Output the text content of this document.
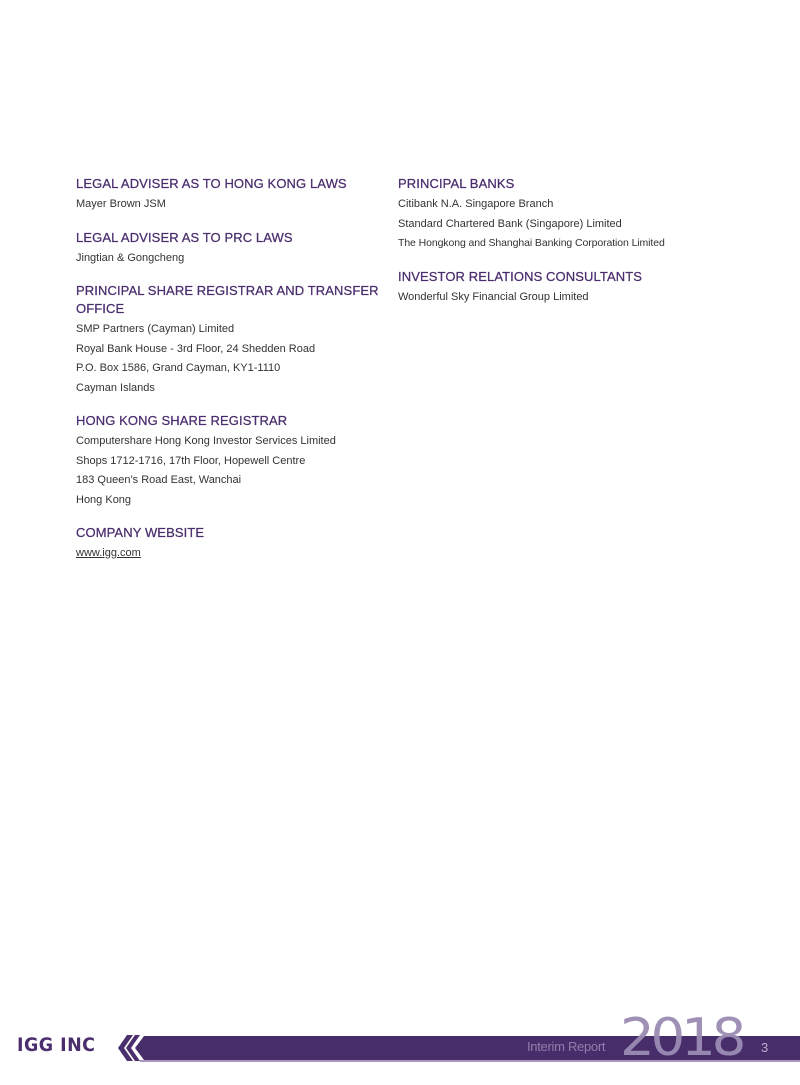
LEGAL ADVISER AS TO HONG KONG LAWS

Mayer Brown JSM

LEGAL ADVISER AS TO PRC LAWS

Jingtian & Gongcheng

PRINCIPAL SHARE REGISTRAR AND TRANSFER
OFFICE

SMP Partners (Cayman) Limited

Royal Bank House - 3rd Floor, 24 Shedden Road

P.O. Box 1586, Grand Cayman, KY1-1110

Cayman Islands

HONG KONG SHARE REGISTRAR

Computershare Hong Kong Investor Services Limited

Shops 1712-1716, 17th Floor, Hopewell Centre

183 Queen’s Road East, Wanchai

Hong Kong

COMPANY WEBSITE

www.igg.com

PRINCIPAL BANKS

Citibank N.A. Singapore Branch

Standard Chartered Bank (Singapore) Limited

The Hongkong and Shanghai Banking Corporation Limited

INVESTOR RELATIONS CONSULTANTS

Wonderful Sky Financial Group Limited

IGG INC	Interim Report 2018 3
